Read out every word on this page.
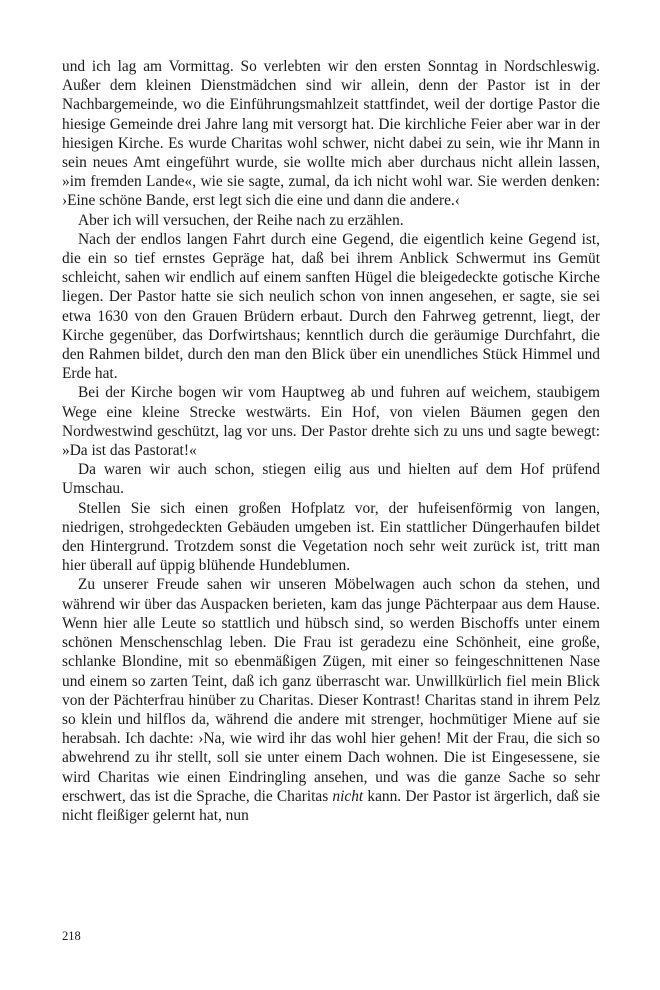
und ich lag am Vormittag. So verlebten wir den ersten Sonntag in Nordschleswig. Außer dem kleinen Dienstmädchen sind wir allein, denn der Pastor ist in der Nachbargemeinde, wo die Einführungsmahlzeit stattfindet, weil der dortige Pastor die hiesige Gemeinde drei Jahre lang mit versorgt hat. Die kirchliche Feier aber war in der hiesigen Kirche. Es wurde Charitas wohl schwer, nicht dabei zu sein, wie ihr Mann in sein neues Amt eingeführt wurde, sie wollte mich aber durchaus nicht allein lassen, »im fremden Lande«, wie sie sagte, zumal, da ich nicht wohl war. Sie werden denken: ›Eine schöne Bande, erst legt sich die eine und dann die andere.‹

Aber ich will versuchen, der Reihe nach zu erzählen.

Nach der endlos langen Fahrt durch eine Gegend, die eigentlich keine Gegend ist, die ein so tief ernstes Gepräge hat, daß bei ihrem Anblick Schwermut ins Gemüt schleicht, sahen wir endlich auf einem sanften Hügel die bleigedeckte gotische Kirche liegen. Der Pastor hatte sie sich neulich schon von innen angesehen, er sagte, sie sei etwa 1630 von den Grauen Brüdern erbaut. Durch den Fahrweg getrennt, liegt, der Kirche gegenüber, das Dorfwirtshaus; kenntlich durch die geräumige Durchfahrt, die den Rahmen bildet, durch den man den Blick über ein unendliches Stück Himmel und Erde hat.

Bei der Kirche bogen wir vom Hauptweg ab und fuhren auf weichem, staubigem Wege eine kleine Strecke westwärts. Ein Hof, von vielen Bäumen gegen den Nordwestwind geschützt, lag vor uns. Der Pastor drehte sich zu uns und sagte bewegt: »Da ist das Pastorat!«

Da waren wir auch schon, stiegen eilig aus und hielten auf dem Hof prüfend Umschau.

Stellen Sie sich einen großen Hofplatz vor, der hufeisenförmig von langen, niedrigen, strohgedeckten Gebäuden umgeben ist. Ein stattlicher Düngerhaufen bildet den Hintergrund. Trotzdem sonst die Vegetation noch sehr weit zurück ist, tritt man hier überall auf üppig blühende Hundeblumen.

Zu unserer Freude sahen wir unseren Möbelwagen auch schon da stehen, und während wir über das Auspacken berieten, kam das junge Pächterpaar aus dem Hause. Wenn hier alle Leute so stattlich und hübsch sind, so werden Bischoffs unter einem schönen Menschenschlag leben. Die Frau ist geradezu eine Schönheit, eine große, schlanke Blondine, mit so ebenmäßigen Zügen, mit einer so feingeschnittenen Nase und einem so zarten Teint, daß ich ganz überrascht war. Unwillkürlich fiel mein Blick von der Pächterfrau hinüber zu Charitas. Dieser Kontrast! Charitas stand in ihrem Pelz so klein und hilflos da, während die andere mit strenger, hochmütiger Miene auf sie herabsah. Ich dachte: ›Na, wie wird ihr das wohl hier gehen! Mit der Frau, die sich so abwehrend zu ihr stellt, soll sie unter einem Dach wohnen. Die ist Eingesessene, sie wird Charitas wie einen Eindringling ansehen, und was die ganze Sache so sehr erschwert, das ist die Sprache, die Charitas nicht kann. Der Pastor ist ärgerlich, daß sie nicht fleißiger gelernt hat, nun

218
